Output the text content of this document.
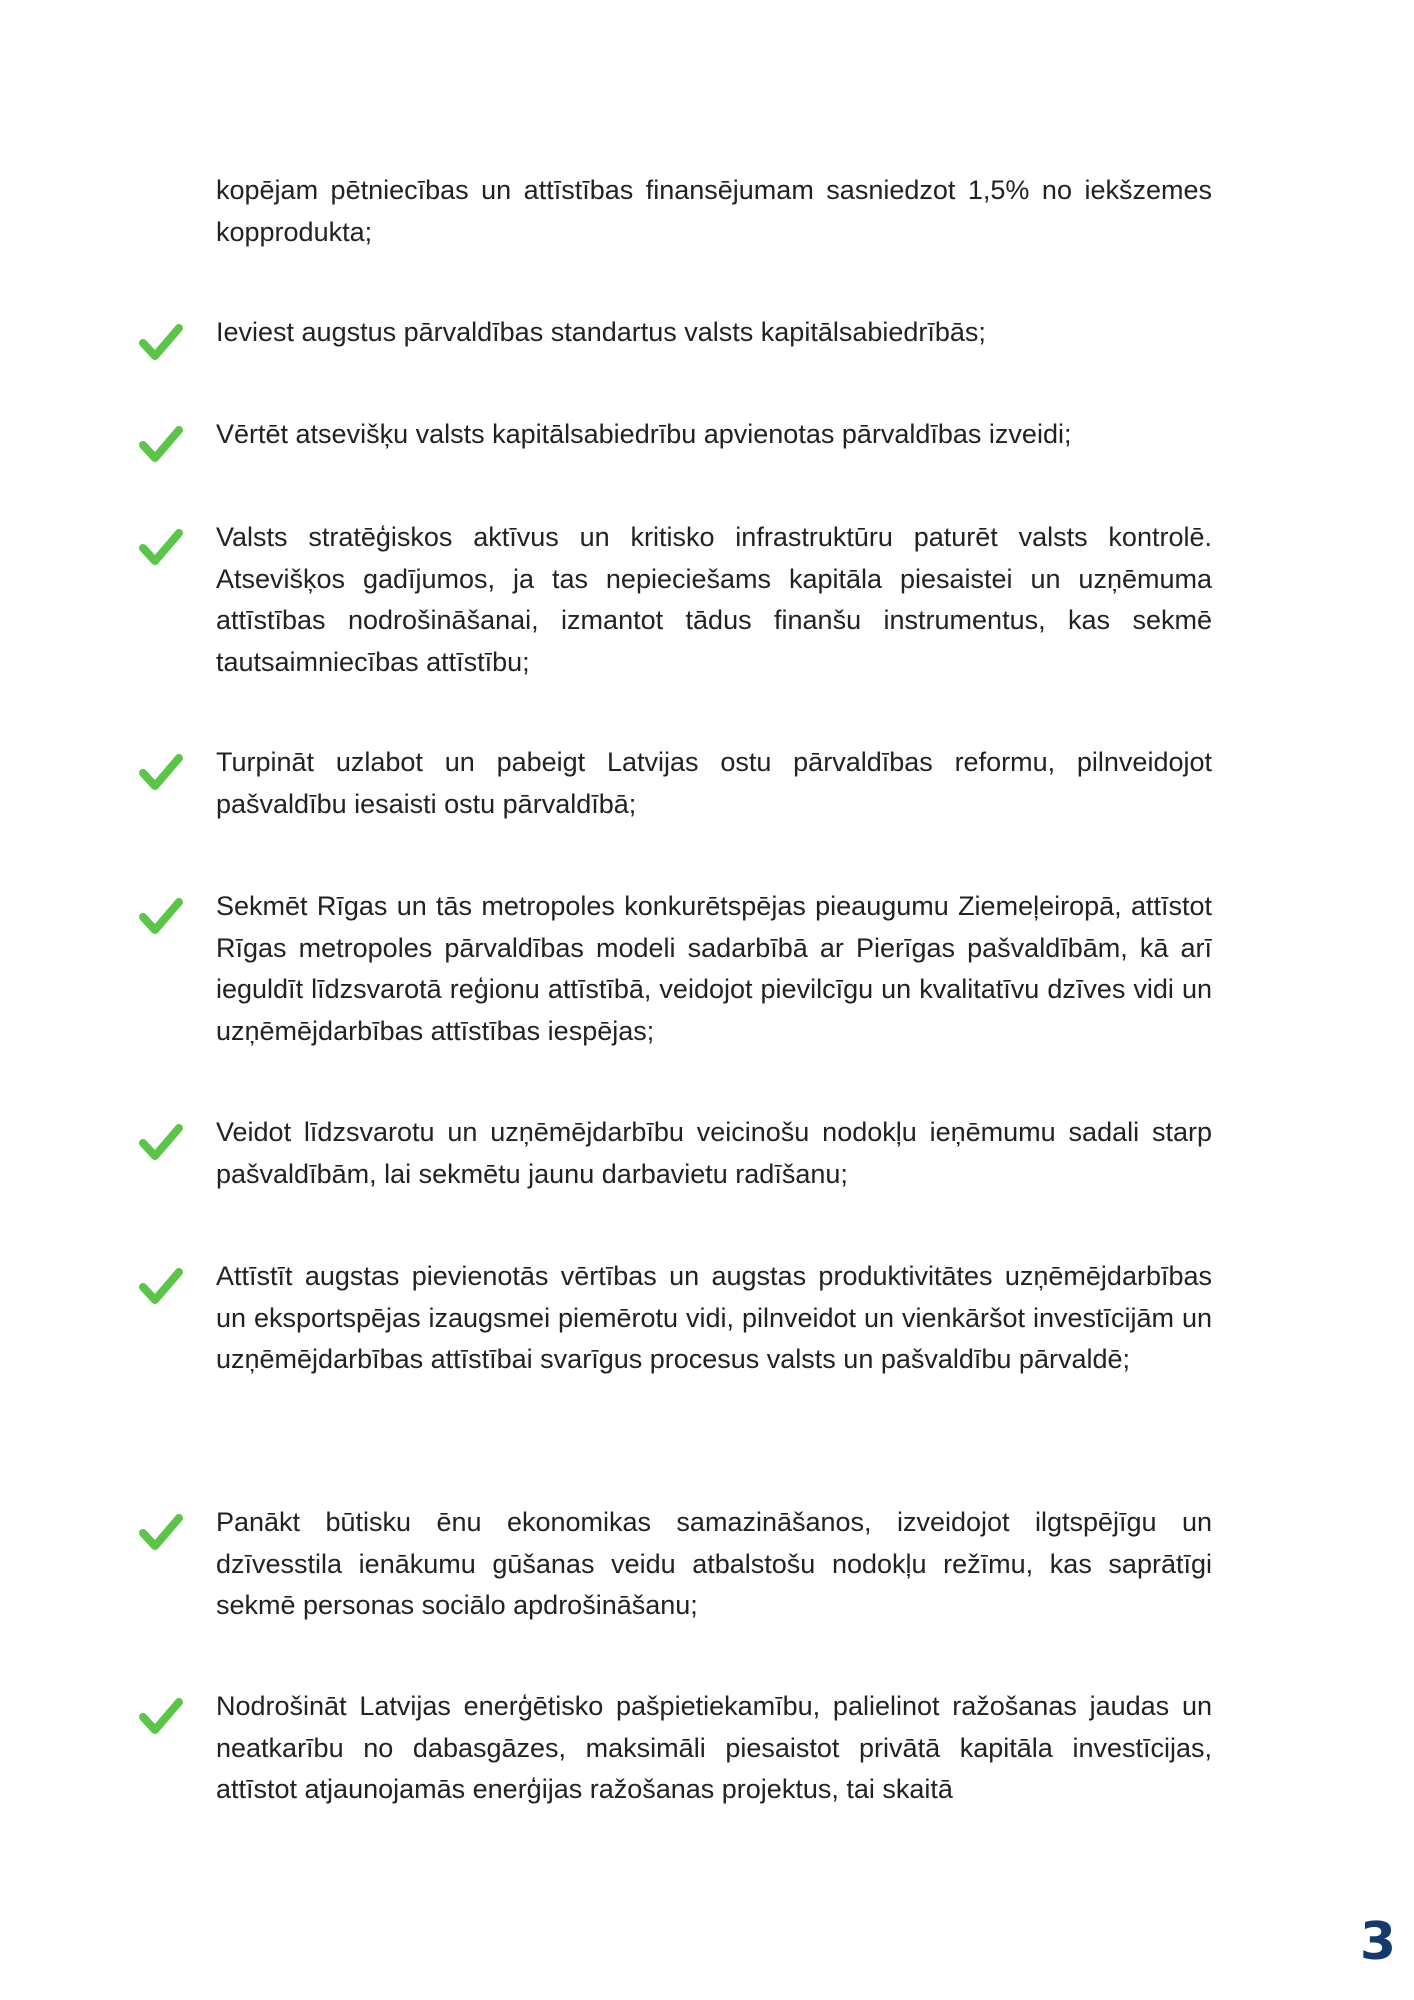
kopējam pētniecības un attīstības finansējumam sasniedzot 1,5% no iekšzemes kopprodukta;

Ieviest augstus pārvaldības standartus valsts kapitālsabiedrībās;

Vērtēt atsevišķu valsts kapitālsabiedrību apvienotas pārvaldības izveidi;

Valsts stratēģiskos aktīvus un kritisko infrastruktūru paturēt valsts kontrolē. Atsevišķos gadījumos, ja tas nepieciešams kapitāla piesaistei un uzņēmuma attīstības nodrošināšanai, izmantot tādus finanšu instrumentus, kas sekmē tautsaimniecības attīstību;

Turpināt uzlabot un pabeigt Latvijas ostu pārvaldības reformu, pilnveidojot pašvaldību iesaisti ostu pārvaldībā;

Sekmēt Rīgas un tās metropoles konkurētspējas pieaugumu Ziemeļeiropā, attīstot Rīgas metropoles pārvaldības modeli sadarbībā ar Pierīgas pašvaldībām, kā arī ieguldīt līdzsvarotā reģionu attīstībā, veidojot pievilcīgu un kvalitatīvu dzīves vidi un uzņēmējdarbības attīstības iespējas;

Veidot līdzsvarotu un uzņēmējdarbību veicinošu nodokļu ieņēmumu sadali starp pašvaldībām, lai sekmētu jaunu darbavietu radīšanu;

Attīstīt augstas pievienotās vērtības un augstas produktivitātes uzņēmējdarbības un eksportspējas izaugsmei piemērotu vidi, pilnveidot un vienkāršot investīcijām un uzņēmējdarbības attīstībai svarīgus procesus valsts un pašvaldību pārvaldē;

Panākt būtisku ēnu ekonomikas samazināšanos, izveidojot ilgtspējīgu un dzīvesstila ienākumu gūšanas veidu atbalstošu nodokļu režīmu, kas saprātīgi sekmē personas sociālo apdrošināšanu;

Nodrošināt Latvijas enerģētisko pašpietiekamību, palielinot ražošanas jaudas un neatkarību no dabasgāzes, maksimāli piesaistot privātā kapitāla investīcijas, attīstot atjaunojamās enerģijas ražošanas projektus, tai skaitā

3
